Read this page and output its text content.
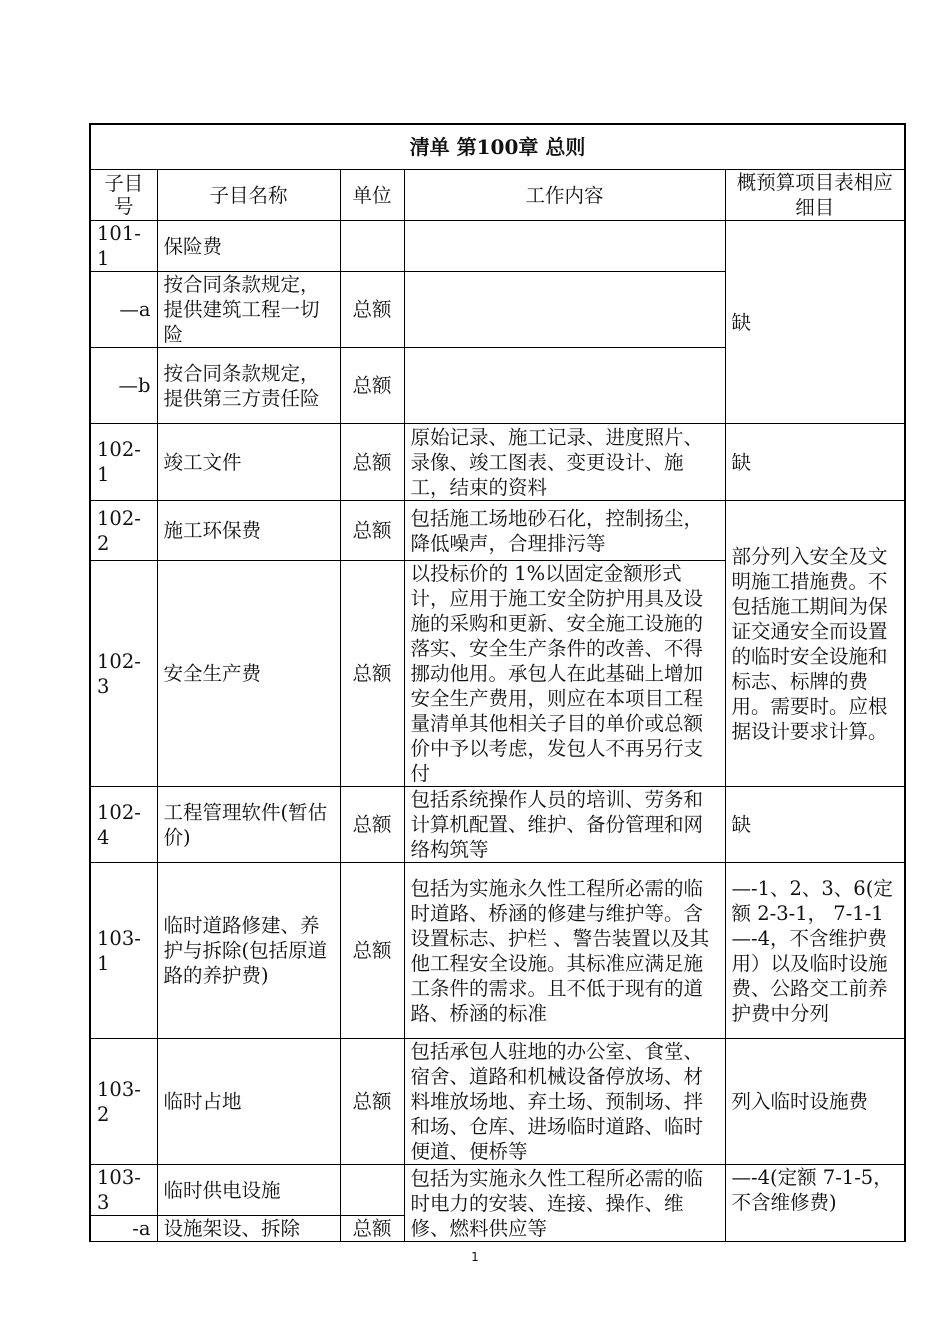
清单 第100章 总则				
子目号	子目名称	单位	工作内容	概预算项目表相应细目
101-1	保险费			缺
—a	按合同条款规定，提供建筑工程一切险	总额		
—b	按合同条款规定，提供第三方责任险	总额		
102-1	竣工文件	总额	原始记录、施工记录、进度照片、录像、竣工图表、变更设计、施工，结束的资料	缺
102-2	施工环保费	总额	包括施工场地砂石化，控制扬尘，降低噪声，合理排污等	部分列入安全及文明施工措施费。不包括施工期间为保证交通安全而设置的临时安全设施和标志、标牌的费用。需要时。应根据设计要求计算。
102-3	安全生产费	总额	以投标价的 1%以固定金额形式计，应用于施工安全防护用具及设施的采购和更新、安全施工设施的落实、安全生产条件的改善、不得挪动他用。承包人在此基础上增加安全生产费用，则应在本项目工程量清单其他相关子目的单价或总额价中予以考虑，发包人不再另行支付	
102-4	工程管理软件(暂估价)	总额	包括系统操作人员的培训、劳务和计算机配置、维护、备份管理和网络构筑等	缺
103-1	临时道路修建、养护与拆除(包括原道路的养护费)	总额	包括为实施永久性工程所必需的临时道路、桥涵的修建与维护等。含设置标志、护栏 、警告装置以及其他工程安全设施。其标准应满足施工条件的需求。且不低于现有的道路、桥涵的标准	—-1、2、3、6(定额 2-3-1， 7-1-1—-4，不含维护费用）以及临时设施费、公路交工前养护费中分列
103-2	临时占地	总额	包括承包人驻地的办公室、食堂、宿舍、道路和机械设备停放场、材料堆放场地、弃土场、预制场、拌和场、仓库、进场临时道路、临时便道、便桥等	列入临时设施费
103-3	临时供电设施		包括为实施永久性工程所必需的临时电力的安装、连接、操作、维修、燃料供应等	—-4(定额 7-1-5，不含维修费)
-a	设施架设、拆除	总额		
1
